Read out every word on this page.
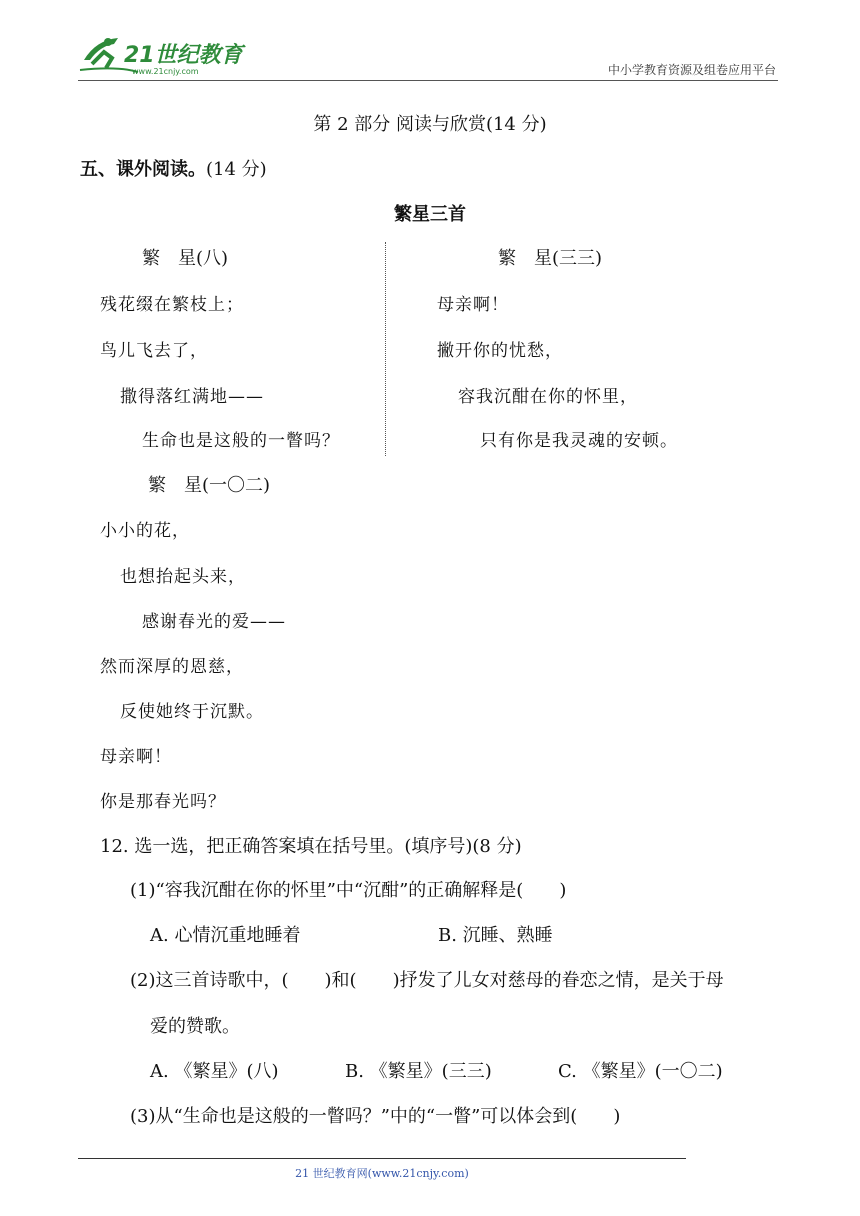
21世纪教育
www.21cnjy.com	中小学教育资源及组卷应用平台
第 2 部分 阅读与欣赏(14 分)
五、课外阅读。(14 分)
繁星三首
繁　星(八)
残花缀在繁枝上；
鸟儿飞去了，
撒得落红满地——
生命也是这般的一瞥吗？
繁　星(三三)
母亲啊！
撇开你的忧愁，
容我沉酣在你的怀里，
只有你是我灵魂的安顿。
繁　星(一〇二)
小小的花，
也想抬起头来，
感谢春光的爱——
然而深厚的恩慈，
反使她终于沉默。
母亲啊！
你是那春光吗？
12. 选一选，把正确答案填在括号里。(填序号)(8 分)
(1)“容我沉酣在你的怀里”中“沉酣”的正确解释是(　　)
A. 心情沉重地睡着	B. 沉睡、熟睡
(2)这三首诗歌中，(　　)和(　　)抒发了儿女对慈母的眷恋之情，是关于母
爱的赞歌。
A. 《繁星》(八)	B. 《繁星》(三三)	C. 《繁星》(一〇二)
(3)从“生命也是这般的一瞥吗？”中的“一瞥”可以体会到(　　)
21 世纪教育网(www.21cnjy.com)
